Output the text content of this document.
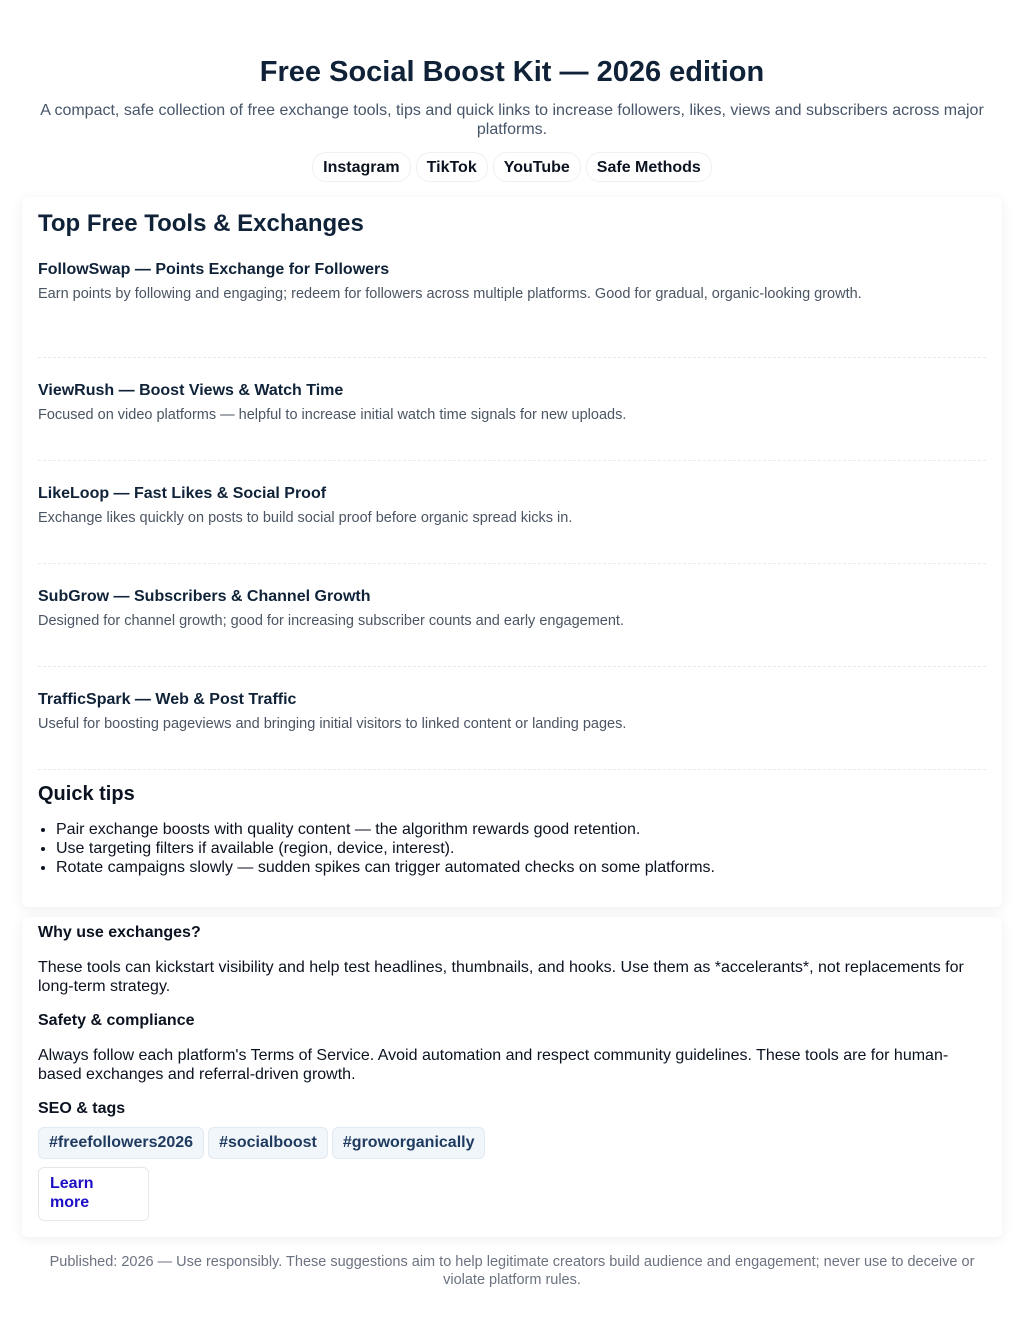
Free Social Boost Kit — 2026 edition

A compact, safe collection of free exchange tools, tips and quick links to increase followers, likes, views and subscribers across major platforms.

Instagram	TikTok	YouTube	Safe Methods
Top Free Tools & Exchanges
FollowSwap — Points Exchange for Followers

Earn points by following and engaging; redeem for followers across multiple platforms. Good for gradual, organic-looking growth.

ViewRush — Boost Views & Watch Time

Focused on video platforms — helpful to increase initial watch time signals for new uploads.

LikeLoop — Fast Likes & Social Proof

Exchange likes quickly on posts to build social proof before organic spread kicks in.

SubGrow — Subscribers & Channel Growth

Designed for channel growth; good for increasing subscriber counts and early engagement.

TrafficSpark — Web & Post Traffic

Useful for boosting pageviews and bringing initial visitors to linked content or landing pages.

Quick tips
• Pair exchange boosts with quality content — the algorithm rewards good retention.
• Use targeting filters if available (region, device, interest).
• Rotate campaigns slowly — sudden spikes can trigger automated checks on some platforms.
Why use exchanges?

These tools can kickstart visibility and help test headlines, thumbnails, and hooks. Use them as *accelerants*, not replacements for long-term strategy.

Safety & compliance

Always follow each platform's Terms of Service. Avoid automation and respect community guidelines. These tools are for human-based exchanges and referral-driven growth.

SEO & tags
#freefollowers2026	#socialboost	#groworganically
Learn more
Published: 2026 — Use responsibly. These suggestions aim to help legitimate creators build audience and engagement; never use to deceive or violate platform rules.
